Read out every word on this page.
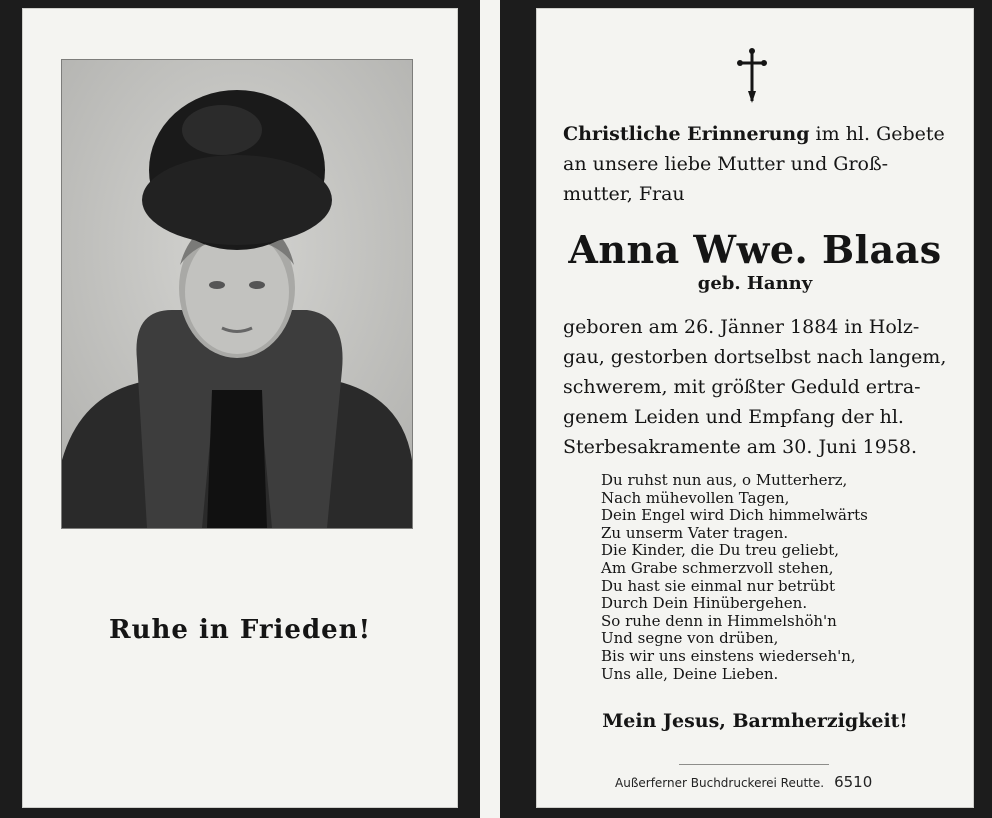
Ruhe in Frieden!
Christliche Erinnerung im hl. Gebete
an unsere liebe Mutter und Groß-
mutter, Frau
Anna Wwe. Blaas
geb. Hanny
geboren am 26. Jänner 1884 in Holz-
gau, gestorben dortselbst nach langem,
schwerem, mit größter Geduld ertra-
genem Leiden und Empfang der hl.
Sterbesakramente am 30. Juni 1958.
Du ruhst nun aus, o Mutterherz,
Nach mühevollen Tagen,
Dein Engel wird Dich himmelwärts
Zu unserm Vater tragen.
Die Kinder, die Du treu geliebt,
Am Grabe schmerzvoll stehen,
Du hast sie einmal nur betrübt
Durch Dein Hinübergehen.
So ruhe denn in Himmelshöh'n
Und segne von drüben,
Bis wir uns einstens wiederseh'n,
Uns alle, Deine Lieben.
Mein Jesus, Barmherzigkeit!
Außerferner Buchdruckerei Reutte. 6510
